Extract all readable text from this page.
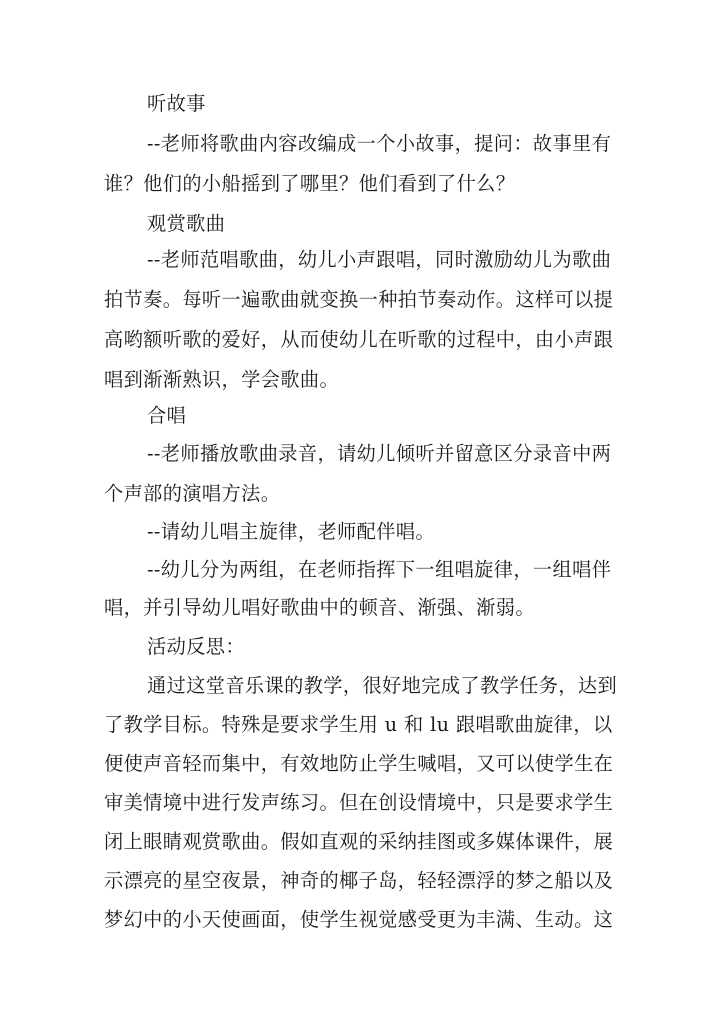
听故事
--老师将歌曲内容改编成一个小故事，提问：故事里有
谁？他们的小船摇到了哪里？他们看到了什么？
观赏歌曲
--老师范唱歌曲，幼儿小声跟唱，同时激励幼儿为歌曲
拍节奏。每听一遍歌曲就变换一种拍节奏动作。这样可以提
高哟额听歌的爱好，从而使幼儿在听歌的过程中，由小声跟
唱到渐渐熟识，学会歌曲。
合唱
--老师播放歌曲录音，请幼儿倾听并留意区分录音中两
个声部的演唱方法。
--请幼儿唱主旋律，老师配伴唱。
--幼儿分为两组，在老师指挥下一组唱旋律，一组唱伴
唱，并引导幼儿唱好歌曲中的顿音、渐强、渐弱。
活动反思：
通过这堂音乐课的教学，很好地完成了教学任务，达到
了教学目标。特殊是要求学生用 u 和 lu 跟唱歌曲旋律，以
便使声音轻而集中，有效地防止学生喊唱，又可以使学生在
审美情境中进行发声练习。但在创设情境中，只是要求学生
闭上眼睛观赏歌曲。假如直观的采纳挂图或多媒体课件，展
示漂亮的星空夜景，神奇的椰子岛，轻轻漂浮的梦之船以及
梦幻中的小天使画面，使学生视觉感受更为丰满、生动。这
